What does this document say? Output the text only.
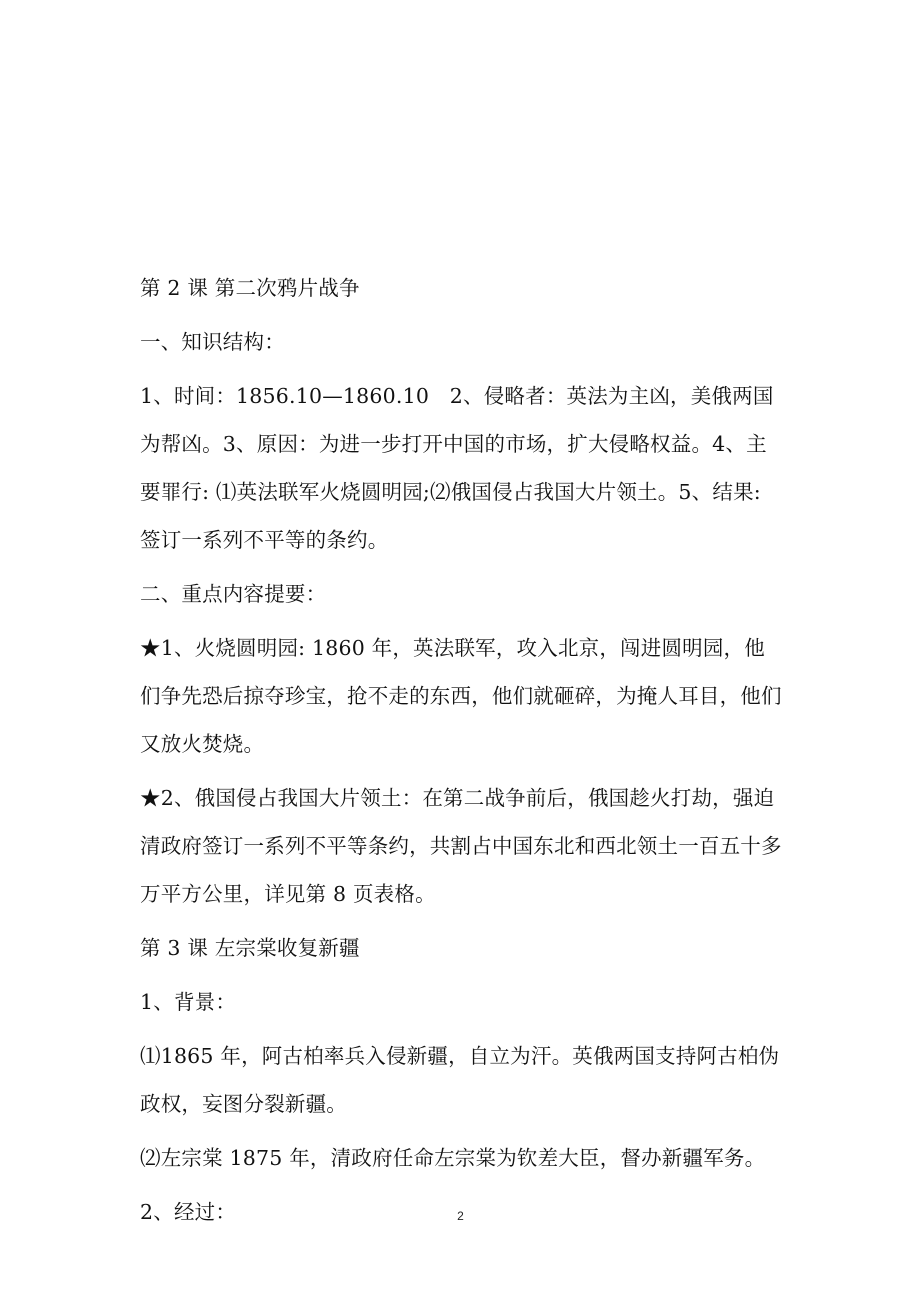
第 2 课 第二次鸦片战争

一、知识结构：

1、时间：1856.10—1860.10　2、侵略者：英法为主凶，美俄两国为帮凶。3、原因：为进一步打开中国的市场，扩大侵略权益。4、主要罪行: ⑴英法联军火烧圆明园;⑵俄国侵占我国大片领土。5、结果: 签订一系列不平等的条约。

二、重点内容提要：

★1、火烧圆明园: 1860 年，英法联军，攻入北京，闯进圆明园，他们争先恐后掠夺珍宝，抢不走的东西，他们就砸碎，为掩人耳目，他们又放火焚烧。

★2、俄国侵占我国大片领土：在第二战争前后，俄国趁火打劫，强迫清政府签订一系列不平等条约，共割占中国东北和西北领土一百五十多万平方公里，详见第 8 页表格。

第 3 课 左宗棠收复新疆

1、背景：

⑴1865 年，阿古柏率兵入侵新疆，自立为汗。英俄两国支持阿古柏伪政权，妄图分裂新疆。

⑵左宗棠 1875 年，清政府任命左宗棠为钦差大臣，督办新疆军务。

2、经过：	2
